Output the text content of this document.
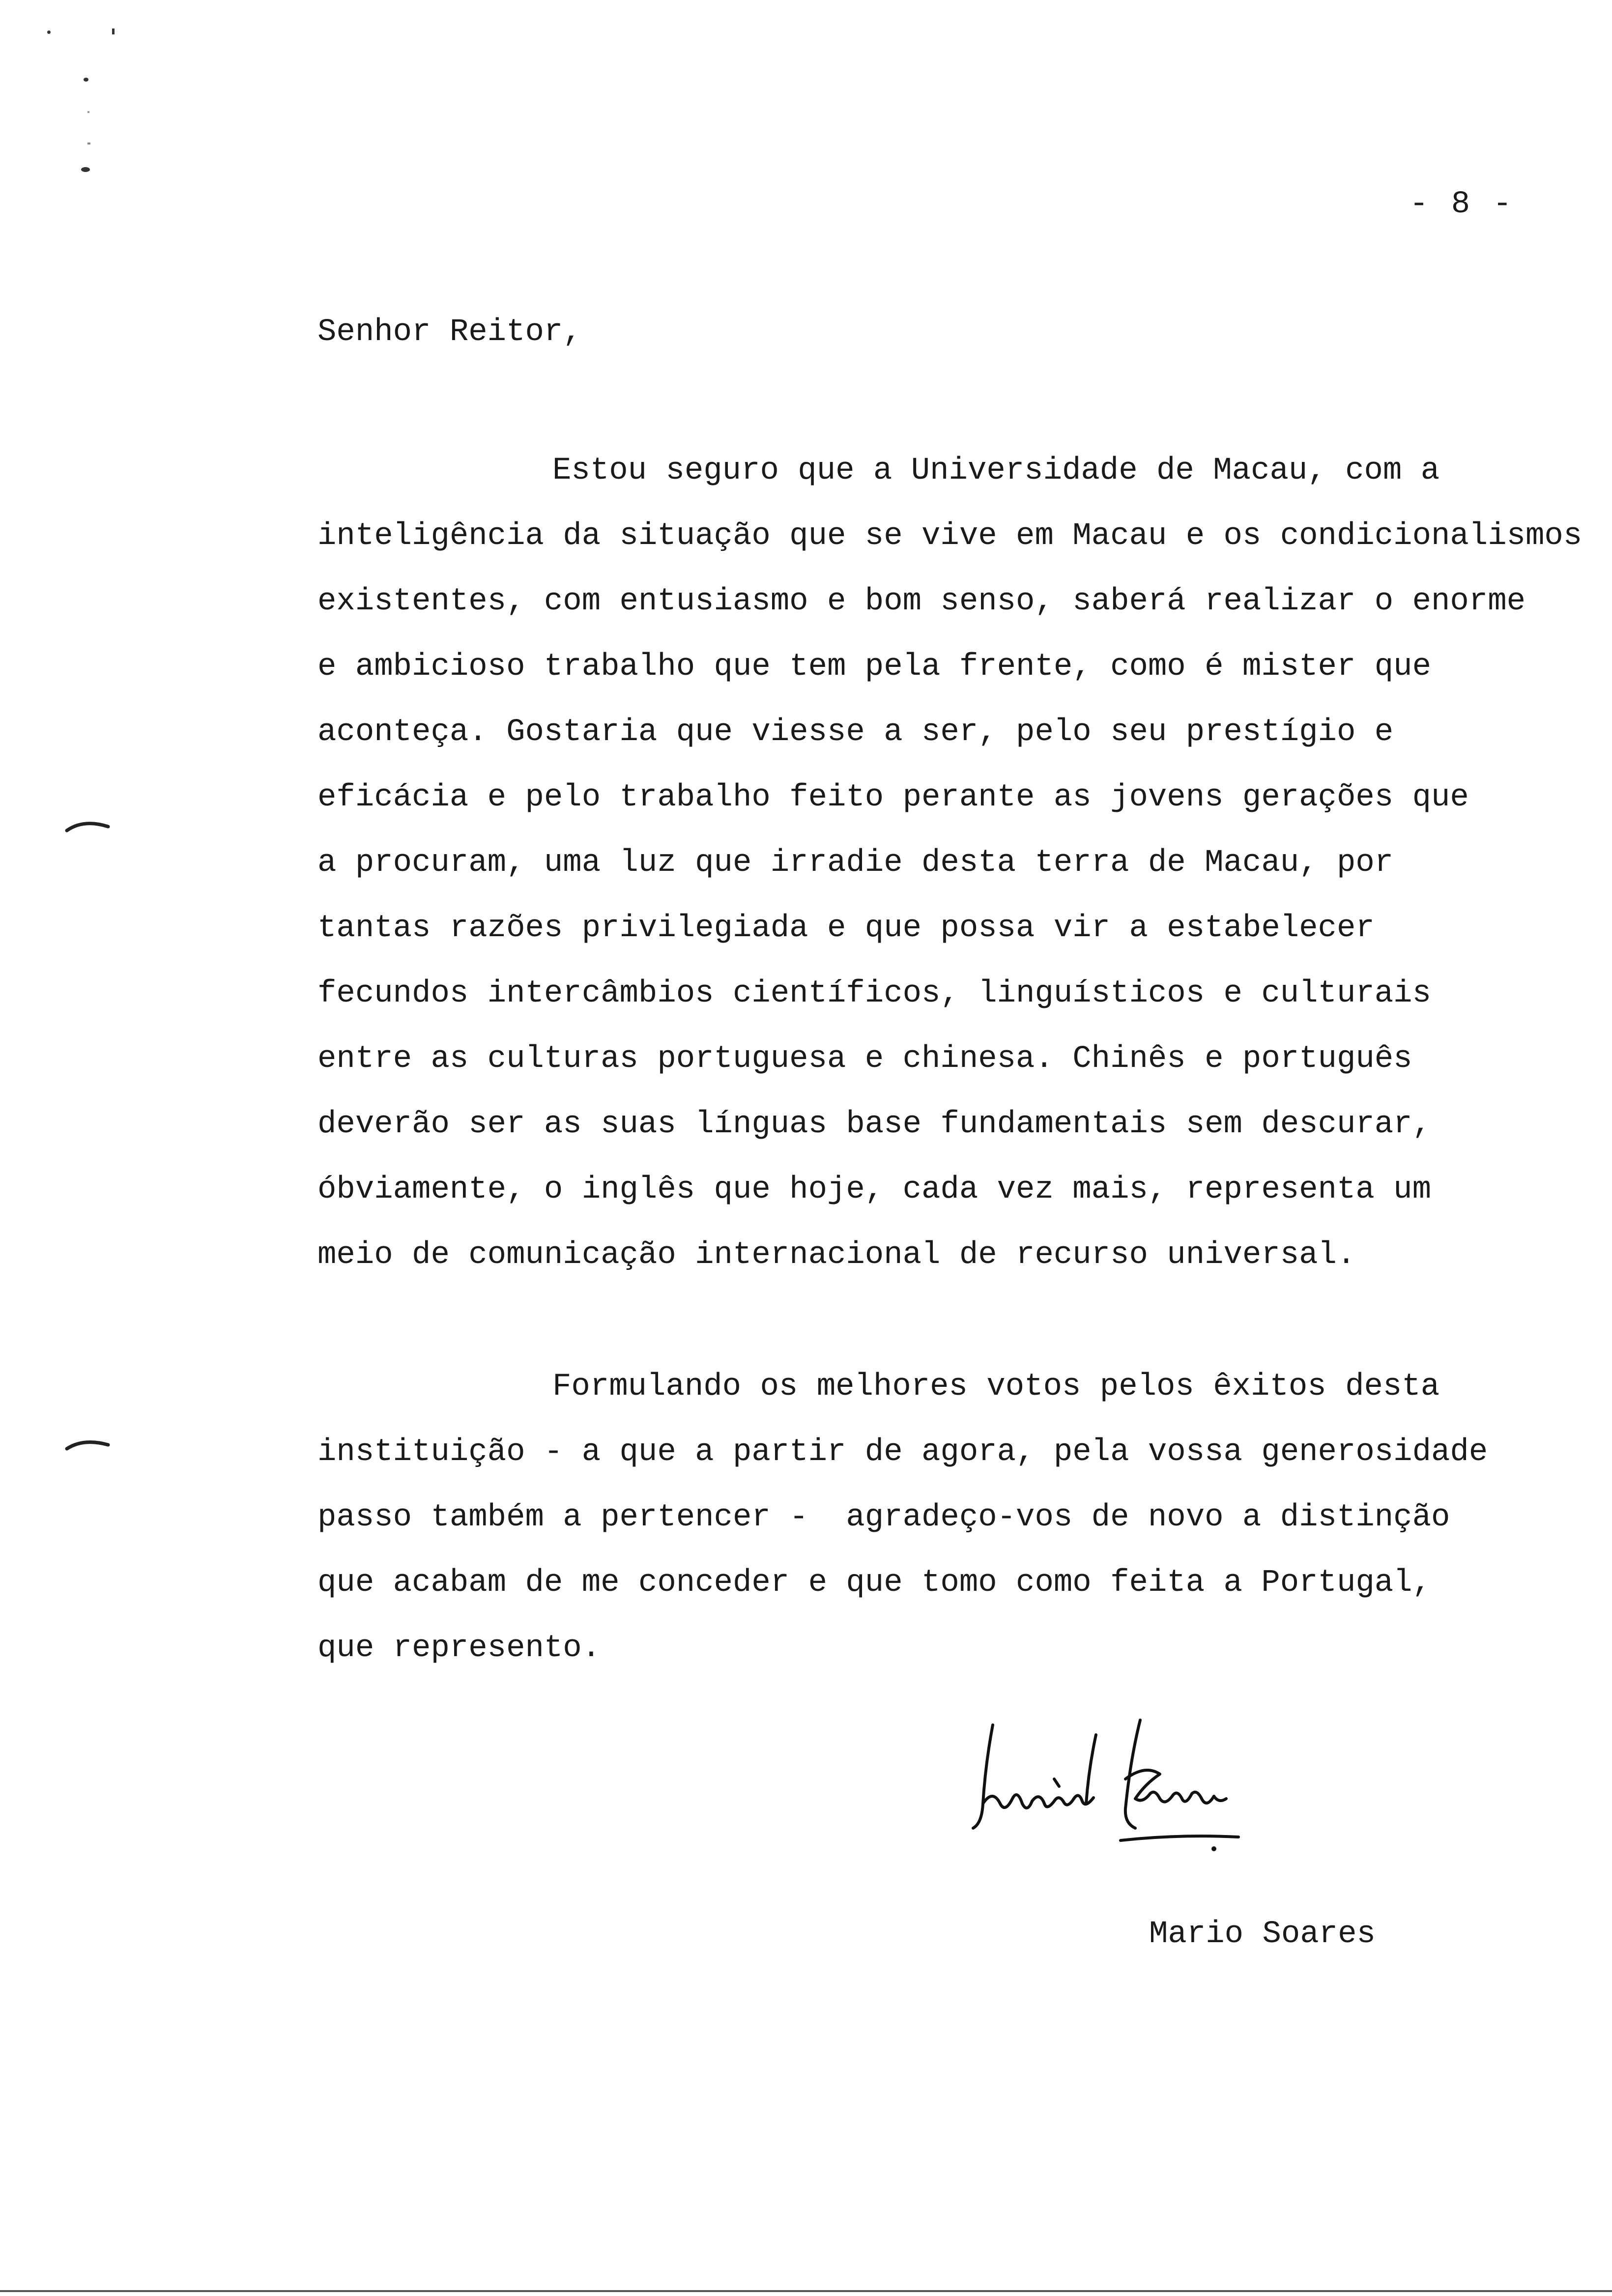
- 8 -
Senhor Reitor,
Estou seguro que a Universidade de Macau, com a
inteligência da situação que se vive em Macau e os condicionalismos
existentes, com entusiasmo e bom senso, saberá realizar o enorme
e ambicioso trabalho que tem pela frente, como é mister que
aconteça. Gostaria que viesse a ser, pelo seu prestígio e
eficácia e pelo trabalho feito perante as jovens gerações que
a procuram, uma luz que irradie desta terra de Macau, por
tantas razões privilegiada e que possa vir a estabelecer
fecundos intercâmbios científicos, linguísticos e culturais
entre as culturas portuguesa e chinesa. Chinês e português
deverão ser as suas línguas base fundamentais sem descurar,
óbviamente, o inglês que hoje, cada vez mais, representa um
meio de comunicação internacional de recurso universal.
Formulando os melhores votos pelos êxitos desta
instituição - a que a partir de agora, pela vossa generosidade
passo também a pertencer -  agradeço-vos de novo a distinção
que acabam de me conceder e que tomo como feita a Portugal,
que represento.
Mario Soares
